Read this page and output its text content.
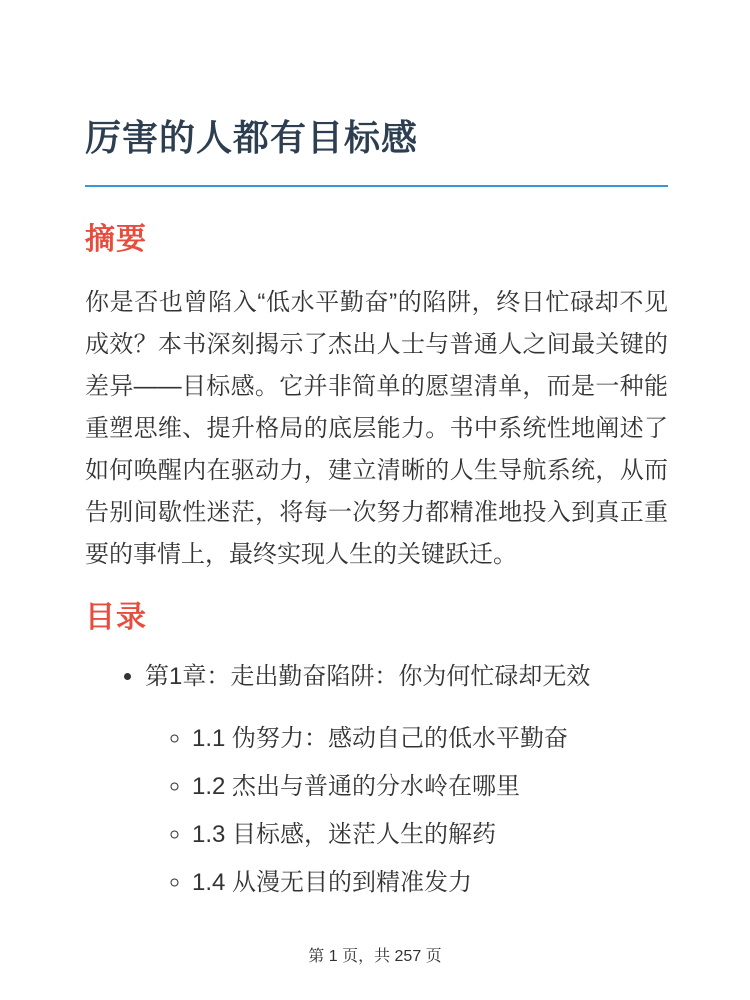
厉害的人都有目标感
摘要

你是否也曾陷入“低水平勤奋”的陷阱，终日忙碌却不见成效？本书深刻揭示了杰出人士与普通人之间最关键的差异——目标感。它并非简单的愿望清单，而是一种能重塑思维、提升格局的底层能力。书中系统性地阐述了如何唤醒内在驱动力，建立清晰的人生导航系统，从而告别间歇性迷茫，将每一次努力都精准地投入到真正重要的事情上，最终实现人生的关键跃迁。

目录
• 第1章：走出勤奋陷阱：你为何忙碌却无效
◦ 1.1 伪努力：感动自己的低水平勤奋
◦ 1.2 杰出与普通的分水岭在哪里
◦ 1.3 目标感，迷茫人生的解药
◦ 1.4 从漫无目的到精准发力
第 1 页，共 257 页
